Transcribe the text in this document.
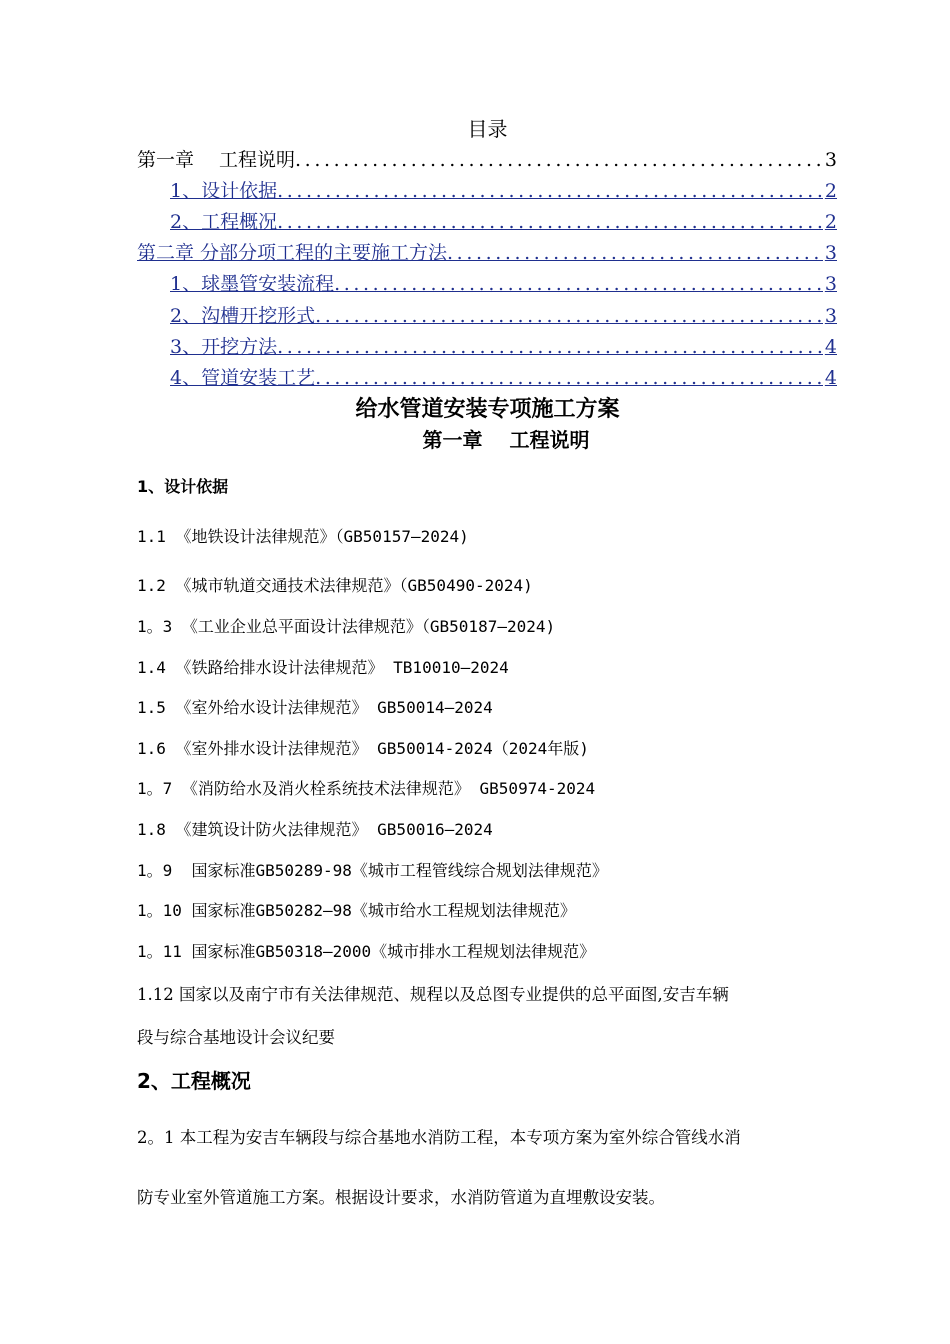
目录
第一章　 工程说明 .....	3
1、设计依据 .....	2
2、工程概况 .....	2
第二章 分部分项工程的主要施工方法 .....	3
1、球墨管安装流程 .....	3
2、沟槽开挖形式 .....	3
3、开挖方法 .....	4
4、管道安装工艺 .....	4
给水管道安装专项施工方案
第一章　 工程说明
1、设计依据
1.1 《地铁设计法律规范》（GB50157—2024)
1.2 《城市轨道交通技术法律规范》（GB50490-2024)
1。3 《工业企业总平面设计法律规范》（GB50187—2024)
1.4 《铁路给排水设计法律规范》 TB10010—2024
1.5 《室外给水设计法律规范》 GB50014—2024
1.6 《室外排水设计法律规范》 GB50014-2024（2024年版)
1。7 《消防给水及消火栓系统技术法律规范》 GB50974-2024
1.8 《建筑设计防火法律规范》 GB50016—2024
1。9  国家标准GB50289-98《城市工程管线综合规划法律规范》
1。10 国家标准GB50282—98《城市给水工程规划法律规范》
1。11 国家标准GB50318—2000《城市排水工程规划法律规范》
1.12 国家以及南宁市有关法律规范、规程以及总图专业提供的总平面图,安吉车辆
段与综合基地设计会议纪要
2、工程概况
2。1 本工程为安吉车辆段与综合基地水消防工程，本专项方案为室外综合管线水消
防专业室外管道施工方案。根据设计要求，水消防管道为直埋敷设安装。
